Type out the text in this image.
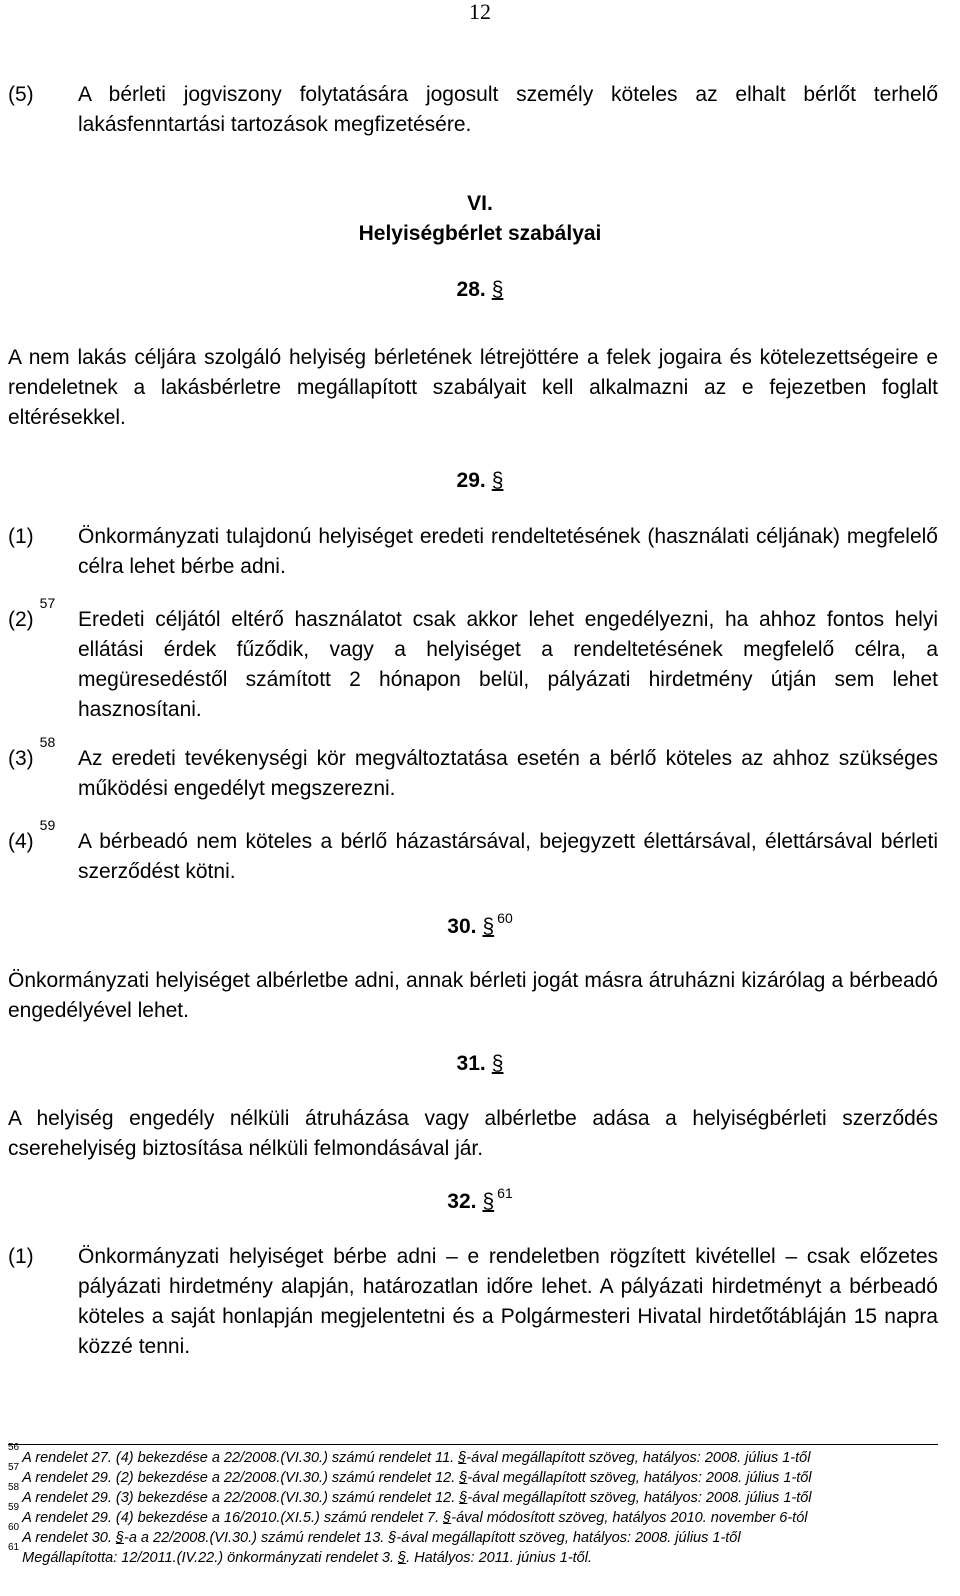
12
(5)	A bérleti jogviszony folytatására jogosult személy köteles az elhalt bérlőt terhelő lakásfenntartási tartozások megfizetésére.
VI.
Helyiségbérlet szabályai
28. §
A nem lakás céljára szolgáló helyiség bérletének létrejöttére a felek jogaira és kötelezettségeire e rendeletnek a lakásbérletre megállapított szabályait kell alkalmazni az e fejezetben foglalt eltérésekkel.
29. §
(1)	Önkormányzati tulajdonú helyiséget eredeti rendeltetésének (használati céljának) megfelelő célra lehet bérbe adni.
$(2)^{57}$
Eredeti céljától eltérő használatot csak akkor lehet engedélyezni, ha ahhoz fontos helyi ellátási érdek fűződik, vagy a helyiséget a rendeltetésének megfelelő célra, a megüresedéstől számított 2 hónapon belül, pályázati hirdetmény útján sem lehet hasznosítani.
$(3)^{58}$
Az eredeti tevékenységi kör megváltoztatása esetén a bérlő köteles az ahhoz szükséges működési engedélyt megszerezni.
$(4)^{59}$
A bérbeadó nem köteles a bérlő házastársával, bejegyzett élettársával, élettársával bérleti szerződést kötni.
30. § $^{60}$
Önkormányzati helyiséget albérletbe adni, annak bérleti jogát másra átruházni kizárólag a bérbeadó engedélyével lehet.
31. §
A helyiség engedély nélküli átruházása vagy albérletbe adása a helyiségbérleti szerződés cserehelyiség biztosítása nélküli felmondásával jár.
32. § $^{61}$
(1)	Önkormányzati helyiséget bérbe adni – e rendeletben rögzített kivétellel – csak előzetes pályázati hirdetmény alapján, határozatlan időre lehet. A pályázati hirdetményt a bérbeadó köteles a saját honlapján megjelentetni és a Polgármesteri Hivatal hirdetőtábláján 15 napra közzé tenni.
$^{56}$A rendelet 27. (4) bekezdése a 22/2008.(VI.30.) számú rendelet 11. §-ával megállapított szöveg, hatályos: 2008. július 1-től
$^{57}$A rendelet 29. (2) bekezdése a 22/2008.(VI.30.) számú rendelet 12. §-ával megállapított szöveg, hatályos: 2008. július 1-től
$^{58}$A rendelet 29. (3) bekezdése a 22/2008.(VI.30.) számú rendelet 12. §-ával megállapított szöveg, hatályos: 2008. július 1-től
$^{59}$A rendelet 29. (4) bekezdése a 16/2010.(XI.5.) számú rendelet 7. §-ával módosított szöveg, hatályos 2010. november 6-tól
$^{60}$A rendelet 30. §-a a 22/2008.(VI.30.) számú rendelet 13. §-ával megállapított szöveg, hatályos: 2008. július 1-től
$^{61}$Megállapította: 12/2011.(IV.22.) önkormányzati rendelet 3. §. Hatályos: 2011. június 1-től.
